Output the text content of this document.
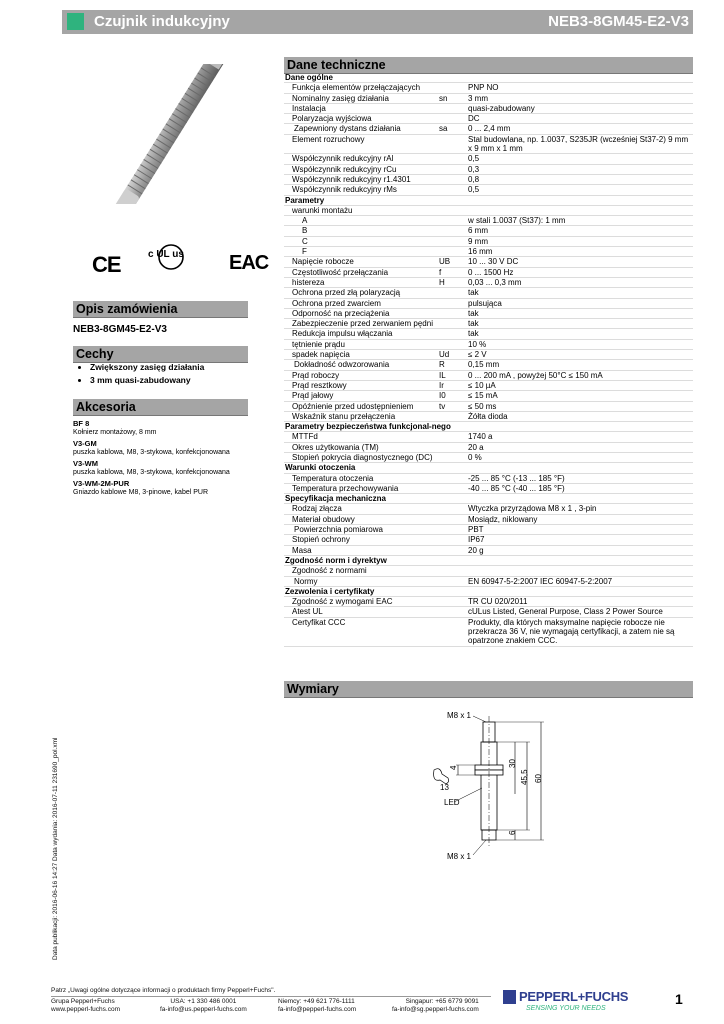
Czujnik indukcyjny	NEB3-8GM45-E2-V3
CE	c UL us EAC
Opis zamówienia
NEB3-8GM45-E2-V3
Cechy
• Zwiększony zasięg działania
• 3 mm quasi-zabudowany
Akcesoria
BF 8
Kołnierz montażowy, 8 mm
V3-GM
puszka kablowa, M8, 3-stykowa, konfekcjonowana
V3-WM
puszka kablowa, M8, 3-stykowa, konfekcjonowana
V3-WM-2M-PUR
Gniazdo kablowe M8, 3-pinowe, kabel PUR
Dane techniczne
Dane ogólne		
Funkcja elementów przełączających		PNP NO
Nominalny zasięg działania	sn	3 mm
Instalacja		quasi-zabudowany
Polaryzacja wyjściowa		DC
Zapewniony dystans działania	sa	0 ... 2,4 mm
Element rozruchowy		Stal budowlana, np. 1.0037, S235JR (wcześniej St37-2) 9 mm x 9 mm x 1 mm
Współczynnik redukcyjny rAl		0,5
Współczynnik redukcyjny rCu		0,3
Współczynnik redukcyjny r1.4301		0,8
Współczynnik redukcyjny rMs		0,5
Parametry		
warunki montażu		
A		w stali 1.0037 (St37): 1 mm
B		6 mm
C		9 mm
F		16 mm
Napięcie robocze	UB	10 ... 30 V DC
Częstotliwość przełączania	f	0 ... 1500 Hz
histereza	H	0,03 ... 0,3 mm
Ochrona przed złą polaryzacją		tak
Ochrona przed zwarciem		pulsująca
Odporność na przeciążenia		tak
Zabezpieczenie przed zerwaniem pędni		tak
Redukcja impulsu włączania		tak
tętnienie prądu		10 %
spadek napięcia	Ud	≤ 2 V
Dokładność odwzorowania	R	0,15 mm
Prąd roboczy	IL	0 ... 200 mA , powyżej 50°C ≤ 150 mA
Prąd resztkowy	Ir	≤ 10 µA
Prąd jałowy	I0	≤ 15 mA
Opóźnienie przed udostępnieniem	tv	≤ 50 ms
Wskaźnik stanu przełączenia		Żółta dioda
Parametry bezpieczeństwa funkcjonal-nego		
MTTFd		1740 a
Okres użytkowania (TM)		20 a
Stopień pokrycia diagnostycznego (DC)		0 %
Warunki otoczenia		
Temperatura otoczenia		-25 ... 85 °C (-13 ... 185 °F)
Temperatura przechowywania		-40 ... 85 °C (-40 ... 185 °F)
Specyfikacja mechaniczna		
Rodzaj złącza		Wtyczka przyrządowa M8 x 1 , 3-pin
Materiał obudowy		Mosiądz, niklowany
Powierzchnia pomiarowa		PBT
Stopień ochrony		IP67
Masa		20 g
Zgodność norm i dyrektyw		
Zgodność z normami		
Normy		EN 60947-5-2:2007 IEC 60947-5-2:2007
Zezwolenia i certyfikaty		
Zgodność z wymogami EAC		TR CU 020/2011
Atest UL		cULus Listed, General Purpose, Class 2 Power Source
Certyfikat CCC		Produkty, dla których maksymalne napięcie robocze nie przekracza 36 V, nie wymagają certyfikacji, a zatem nie są opatrzone znakiem CCC.
Wymiary
M8 x 1
M8 x 1
13
4	30
45,5 60
6
LED
Data publikacji: 2016-06-16 14:27 Data wydania: 2016-07-11 231690_pol.xml
Patrz „Uwagi ogólne dotyczące informacji o produktach firmy Pepperl+Fuchs".
Grupa Pepperl+Fuchs
www.pepperl-fuchs.com
USA: +1 330 486 0001
fa-info@us.pepperl-fuchs.com
Niemcy: +49 621 776-1111
fa-info@pepperl-fuchs.com
Singapur: +65 6779 9091
fa-info@sg.pepperl-fuchs.com
PEPPERL+FUCHS
SENSING YOUR NEEDS
1
